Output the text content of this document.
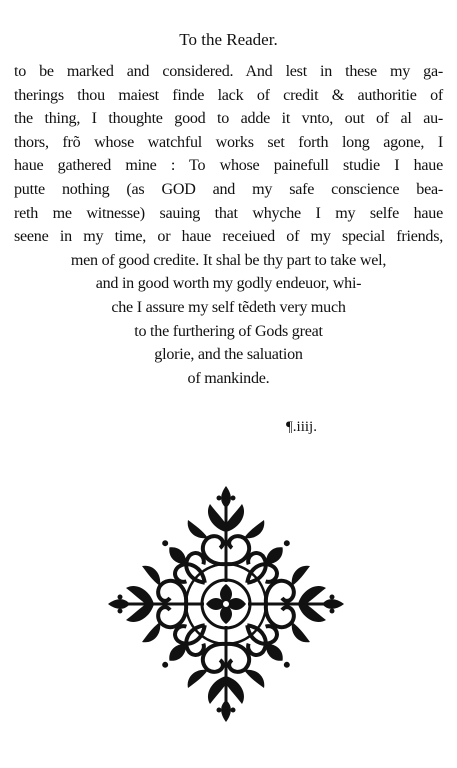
To the Reader.
to be marked and considered. And lest in these my ga-
therings thou maiest finde lack of credit & authoritie of
the thing, I thoughte good to adde it vnto, out of al au-
thors, frõ whose watchful works set forth long agone, I
haue gathered mine : To whose painefull studie I haue
putte nothing (as GOD and my safe conscience bea-
reth me witnesse) sauing that whyche I my selfe haue
seene in my time, or haue receiued of my special friends,
men of good credite. It shal be thy part to take wel,
and in good worth my godly endeuor, whi-
che I assure my self tẽdeth very much
to the furthering of Gods great
glorie, and the saluation
of mankinde.
¶.iiij.
